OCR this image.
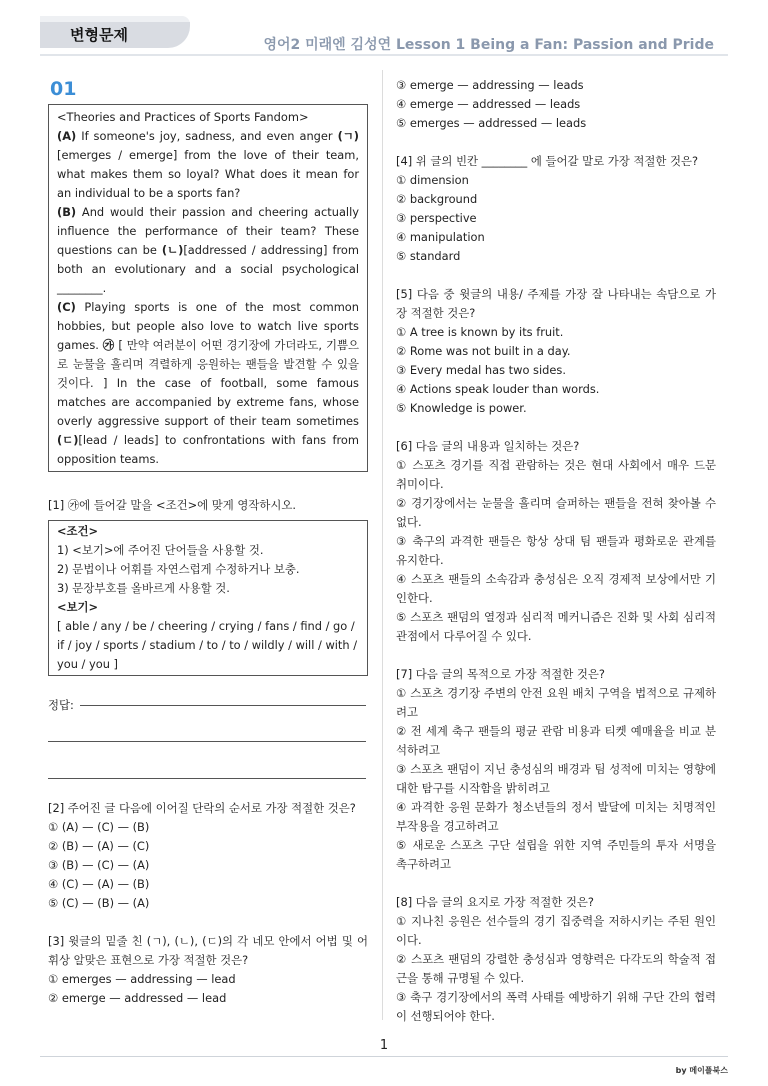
변형문제
영어2 미래엔 김성연 Lesson 1 Being a Fan: Passion and Pride
01

<Theories and Practices of Sports Fandom>

(A) If someone's joy, sadness, and even anger (ㄱ)[emerges / emerge] from the love of their team, what makes them so loyal? What does it mean for an individual to be a sports fan?

(B) And would their passion and cheering actually influence the performance of their team? These questions can be (ㄴ)[addressed / addressing] from both an evolutionary and a social psychological ________.

(C) Playing sports is one of the most common hobbies, but people also love to watch live sports games. ㉮ [ 만약 여러분이 어떤 경기장에 가더라도, 기쁨으로 눈물을 흘리며 격렬하게 응원하는 팬들을 발견할 수 있을 것이다. ] In the case of football, some famous matches are accompanied by extreme fans, whose overly aggressive support of their team sometimes (ㄷ)[lead / leads] to confrontations with fans from opposition teams.

[1] ㉮에 들어갈 말을 <조건>에 맞게 영작하시오.
<조건>
1) <보기>에 주어진 단어들을 사용할 것.
2) 문법이나 어휘를 자연스럽게 수정하거나 보충.
3) 문장부호를 올바르게 사용할 것.
<보기>
[ able / any / be / cheering / crying / fans / find / go / if / joy / sports / stadium / to / to / wildly / will / with / you / you ]
정답:
[2] 주어진 글 다음에 이어질 단락의 순서로 가장 적절한 것은?
① (A) — (C) — (B)
② (B) — (A) — (C)
③ (B) — (C) — (A)
④ (C) — (A) — (B)
⑤ (C) — (B) — (A)
[3] 윗글의 밑줄 친 (ㄱ), (ㄴ), (ㄷ)의 각 네모 안에서 어법 및 어휘상 알맞은 표현으로 가장 적절한 것은?
① emerges — addressing — lead
② emerge — addressed — lead
③ emerge — addressing — leads
④ emerge — addressed — leads
⑤ emerges — addressed — leads
[4] 위 글의 빈칸 ________ 에 들어갈 말로 가장 적절한 것은?
① dimension
② background
③ perspective
④ manipulation
⑤ standard
[5] 다음 중 윗글의 내용/ 주제를 가장 잘 나타내는 속담으로 가장 적절한 것은?
① A tree is known by its fruit.
② Rome was not built in a day.
③ Every medal has two sides.
④ Actions speak louder than words.
⑤ Knowledge is power.
[6] 다음 글의 내용과 일치하는 것은?
① 스포츠 경기를 직접 관람하는 것은 현대 사회에서 매우 드문 취미이다.
② 경기장에서는 눈물을 흘리며 슬퍼하는 팬들을 전혀 찾아볼 수 없다.
③ 축구의 과격한 팬들은 항상 상대 팀 팬들과 평화로운 관계를 유지한다.
④ 스포츠 팬들의 소속감과 충성심은 오직 경제적 보상에서만 기인한다.
⑤ 스포츠 팬덤의 열정과 심리적 메커니즘은 진화 및 사회 심리적 관점에서 다루어질 수 있다.
[7] 다음 글의 목적으로 가장 적절한 것은?
① 스포츠 경기장 주변의 안전 요원 배치 구역을 법적으로 규제하려고
② 전 세계 축구 팬들의 평균 관람 비용과 티켓 예매율을 비교 분석하려고
③ 스포츠 팬덤이 지닌 충성심의 배경과 팀 성적에 미치는 영향에 대한 탐구를 시작함을 밝히려고
④ 과격한 응원 문화가 청소년들의 정서 발달에 미치는 치명적인 부작용을 경고하려고
⑤ 새로운 스포츠 구단 설립을 위한 지역 주민들의 투자 서명을 촉구하려고
[8] 다음 글의 요지로 가장 적절한 것은?
① 지나친 응원은 선수들의 경기 집중력을 저하시키는 주된 원인이다.
② 스포츠 팬덤의 강렬한 충성심과 영향력은 다각도의 학술적 접근을 통해 규명될 수 있다.
③ 축구 경기장에서의 폭력 사태를 예방하기 위해 구단 간의 협력이 선행되어야 한다.
1
by 메이플북스
